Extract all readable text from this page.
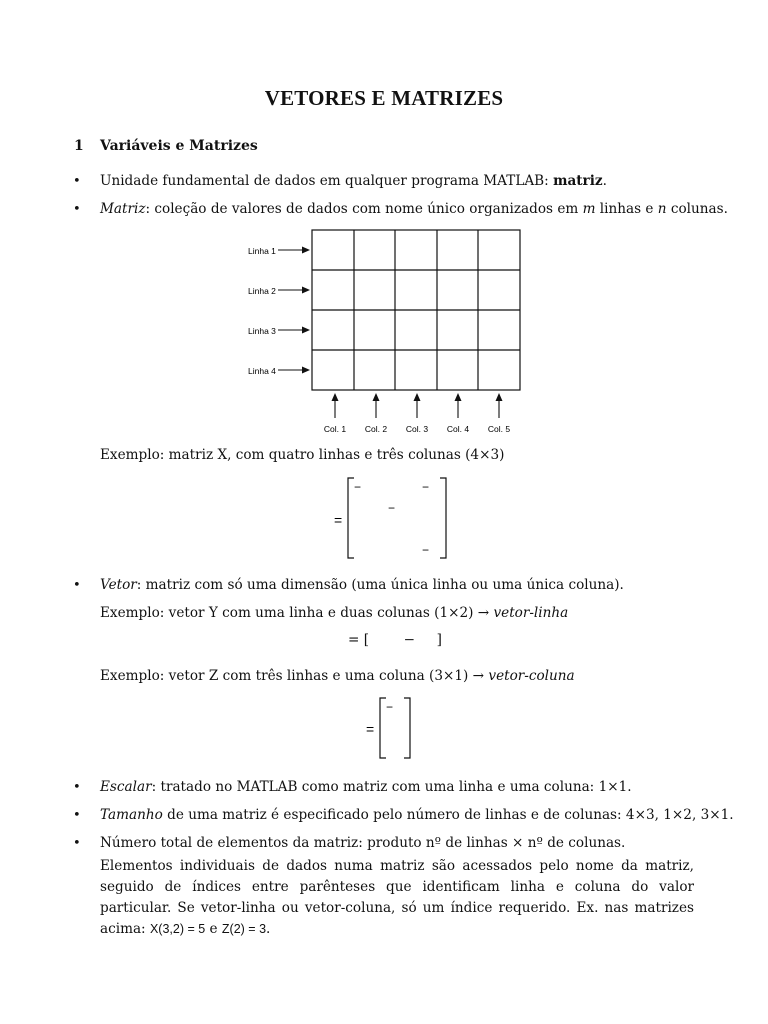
VETORES E MATRIZES
1 Variáveis e Matrizes
• Unidade fundamental de dados em qualquer programa MATLAB: matriz.
• Matriz: coleção de valores de dados com nome único organizados em m linhas e n colunas.
Linha 1
Linha 2
Linha 3
Linha 4
Col. 1 Col. 2 Col. 3 Col. 4 Col. 5
Exemplo: matriz X, com quatro linhas e três colunas (4×3)
=
−	−
−
−
• Vetor: matriz com só uma dimensão (uma única linha ou uma única coluna).
Exemplo: vetor Y com uma linha e duas colunas (1×2) → vetor-linha
= [        −     ]
Exemplo: vetor Z com três linhas e uma coluna (3×1) → vetor-coluna
=
−
• Escalar: tratado no MATLAB como matriz com uma linha e uma coluna: 1×1.
• Tamanho de uma matriz é especificado pelo número de linhas e de colunas: 4×3, 1×2, 3×1.
• Número total de elementos da matriz: produto nº de linhas × nº de colunas.
Elementos individuais de dados numa matriz são acessados pelo nome da matriz, seguido de índices entre parênteses que identificam linha e coluna do valor particular. Se vetor-linha ou vetor-coluna, só um índice requerido. Ex. nas matrizes acima: X(3,2) = 5 e Z(2) = 3.
